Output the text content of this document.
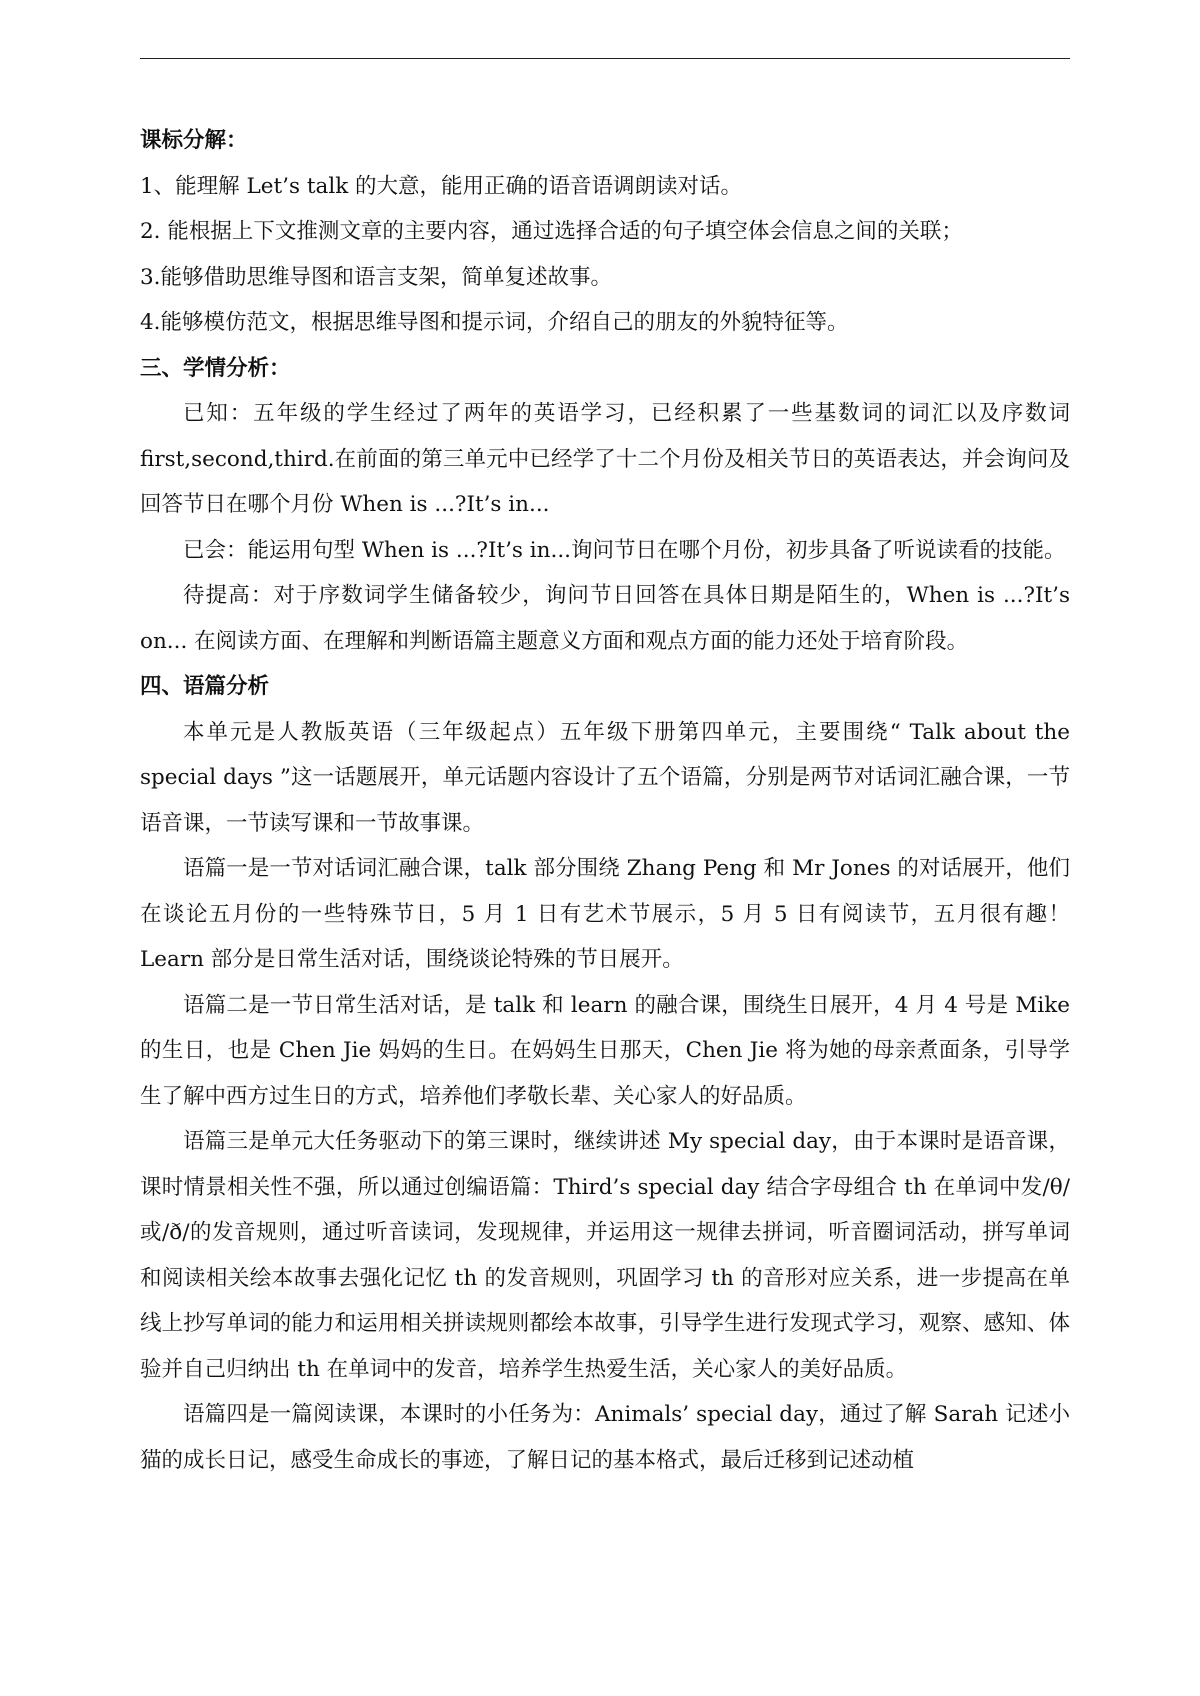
课标分解：

1、能理解 Let’s talk 的大意，能用正确的语音语调朗读对话。

2. 能根据上下文推测文章的主要内容，通过选择合适的句子填空体会信息之间的关联；

3.能够借助思维导图和语言支架，简单复述故事。

4.能够模仿范文，根据思维导图和提示词，介绍自己的朋友的外貌特征等。

三、学情分析：

已知：五年级的学生经过了两年的英语学习，已经积累了一些基数词的词汇以及序数词 first,second,third.在前面的第三单元中已经学了十二个月份及相关节日的英语表达，并会询问及回答节日在哪个月份 When is ...?It’s in...

已会：能运用句型 When is ...?It’s in...询问节日在哪个月份，初步具备了听说读看的技能。

待提高：对于序数词学生储备较少，询问节日回答在具体日期是陌生的，When is ...?It’s on... 在阅读方面、在理解和判断语篇主题意义方面和观点方面的能力还处于培育阶段。

四、语篇分析

本单元是人教版英语（三年级起点）五年级下册第四单元，主要围绕“ Talk about the special days ”这一话题展开，单元话题内容设计了五个语篇，分别是两节对话词汇融合课，一节语音课，一节读写课和一节故事课。

语篇一是一节对话词汇融合课，talk 部分围绕 Zhang Peng 和 Mr Jones 的对话展开，他们在谈论五月份的一些特殊节日，5 月 1 日有艺术节展示，5 月 5 日有阅读节，五月很有趣！Learn 部分是日常生活对话，围绕谈论特殊的节日展开。

语篇二是一节日常生活对话，是 talk 和 learn 的融合课，围绕生日展开，4 月 4 号是 Mike 的生日，也是 Chen Jie 妈妈的生日。在妈妈生日那天，Chen Jie 将为她的母亲煮面条，引导学生了解中西方过生日的方式，培养他们孝敬长辈、关心家人的好品质。

语篇三是单元大任务驱动下的第三课时，继续讲述 My special day，由于本课时是语音课，课时情景相关性不强，所以通过创编语篇：Third’s special day 结合字母组合 th 在单词中发/θ/或/ð/的发音规则，通过听音读词，发现规律，并运用这一规律去拼词，听音圈词活动，拼写单词和阅读相关绘本故事去强化记忆 th 的发音规则，巩固学习 th 的音形对应关系，进一步提高在单线上抄写单词的能力和运用相关拼读规则都绘本故事，引导学生进行发现式学习，观察、感知、体验并自己归纳出 th 在单词中的发音，培养学生热爱生活，关心家人的美好品质。

语篇四是一篇阅读课，本课时的小任务为：Animals’ special day，通过了解 Sarah 记述小猫的成长日记，感受生命成长的事迹，了解日记的基本格式，最后迁移到记述动植
